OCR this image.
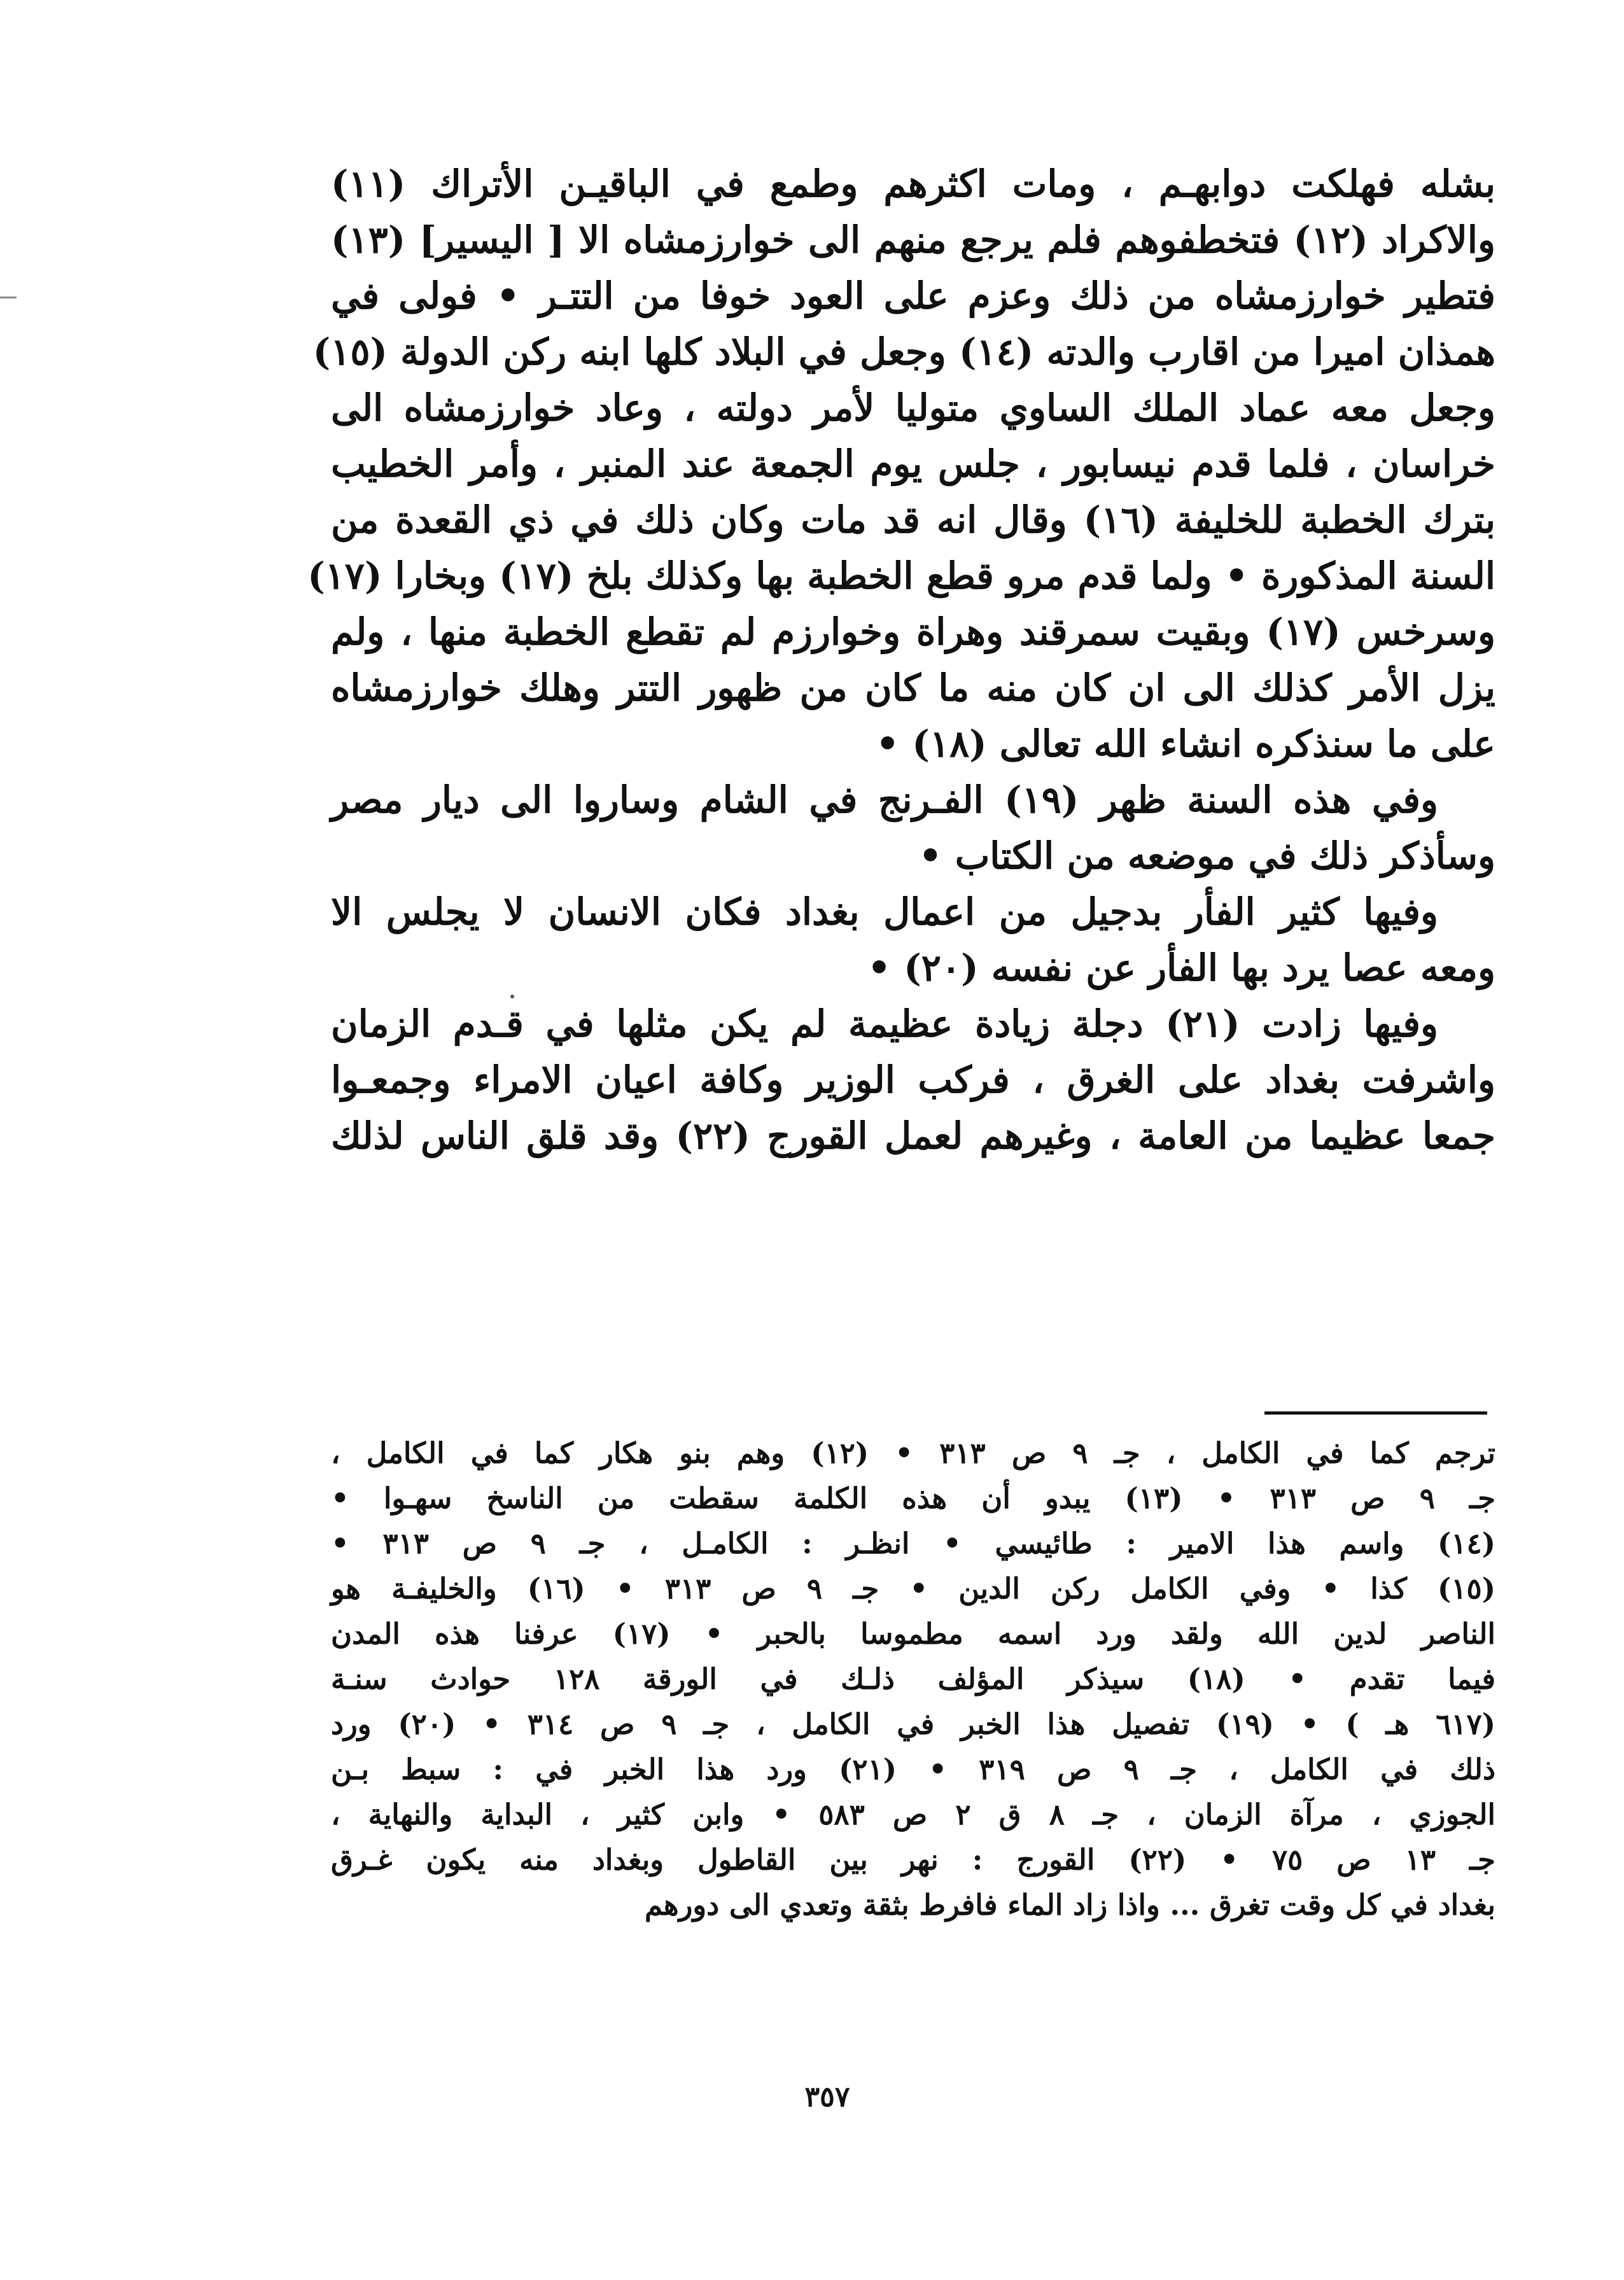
بشله فهلكت دوابهـم ، ومات اكثرهم وطمع في الباقيـن الأتراك (١١)
والاكراد (١٢) فتخطفوهم فلم يرجع منهم الى خوارزمشاه الا [ اليسير] (١٣)
فتطير خوارزمشاه من ذلك وعزم على العود خوفا من التتـر • فولى في
همذان اميرا من اقارب والدته (١٤) وجعل في البلاد كلها ابنه ركن الدولة (١٥)
وجعل معه عماد الملك الساوي متوليا لأمر دولته ، وعاد خوارزمشاه الى
خراسان ، فلما قدم نيسابور ، جلس يوم الجمعة عند المنبر ، وأمر الخطيب
بترك الخطبة للخليفة (١٦) وقال انه قد مات وكان ذلك في ذي القعدة من
السنة المذكورة • ولما قدم مرو قطع الخطبة بها وكذلك بلخ (١٧) وبخارا (١٧)
وسرخس (١٧) وبقيت سمرقند وهراة وخوارزم لم تقطع الخطبة منها ، ولم
يزل الأمر كذلك الى ان كان منه ما كان من ظهور التتر وهلك خوارزمشاه
على ما سنذكره انشاء الله تعالى (١٨) •
وفي هذه السنة ظهر (١٩) الفـرنج في الشام وساروا الى ديار مصر
وسأذكر ذلك في موضعه من الكتاب •
وفيها كثير الفأر بدجيل من اعمال بغداد فكان الانسان لا يجلس الا
ومعه عصا يرد بها الفأر عن نفسه (٢٠) •
وفيها زادت (٢١) دجلة زيادة عظيمة لم يكن مثلها في قـدم الزمان
واشرفت بغداد على الغرق ، فركب الوزير وكافة اعيان الامراء وجمعـوا
جمعا عظيما من العامة ، وغيرهم لعمل القورج (٢٢) وقد قلق الناس لذلك
ترجم كما في الكامل ، جـ ٩ ص ٣١٣ • (١٢) وهم بنو هكار كما في الكامل ،
جـ ٩ ص ٣١٣ • (١٣) يبدو أن هذه الكلمة سقطت من الناسخ سهـوا •
(١٤) واسم هذا الامير : طائيسي • انظـر : الكامـل ، جـ ٩ ص ٣١٣ •
(١٥) كذا • وفي الكامل ركن الدين • جـ ٩ ص ٣١٣ • (١٦) والخليفـة هو
الناصر لدين الله ولقد ورد اسمه مطموسا بالحبر • (١٧) عرفنا هذه المدن
فيما تقدم • (١٨) سيذكر المؤلف ذلـك في الورقة ١٢٨ حوادث سنـة
(٦١٧ هـ ) • (١٩) تفصيل هذا الخبر في الكامل ، جـ ٩ ص ٣١٤ • (٢٠) ورد
ذلك في الكامل ، جـ ٩ ص ٣١٩ • (٢١) ورد هذا الخبر في : سبط بـن
الجوزي ، مرآة الزمان ، جـ ٨ ق ٢ ص ٥٨٣ • وابن كثير ، البداية والنهاية ،
جـ ١٣ ص ٧٥ • (٢٢) القورج : نهر بين القاطول وبغداد منه يكون غـرق
بغداد في كل وقت تغرق ... واذا زاد الماء فافرط بثقة وتعدي الى دورهم
٣٥٧
